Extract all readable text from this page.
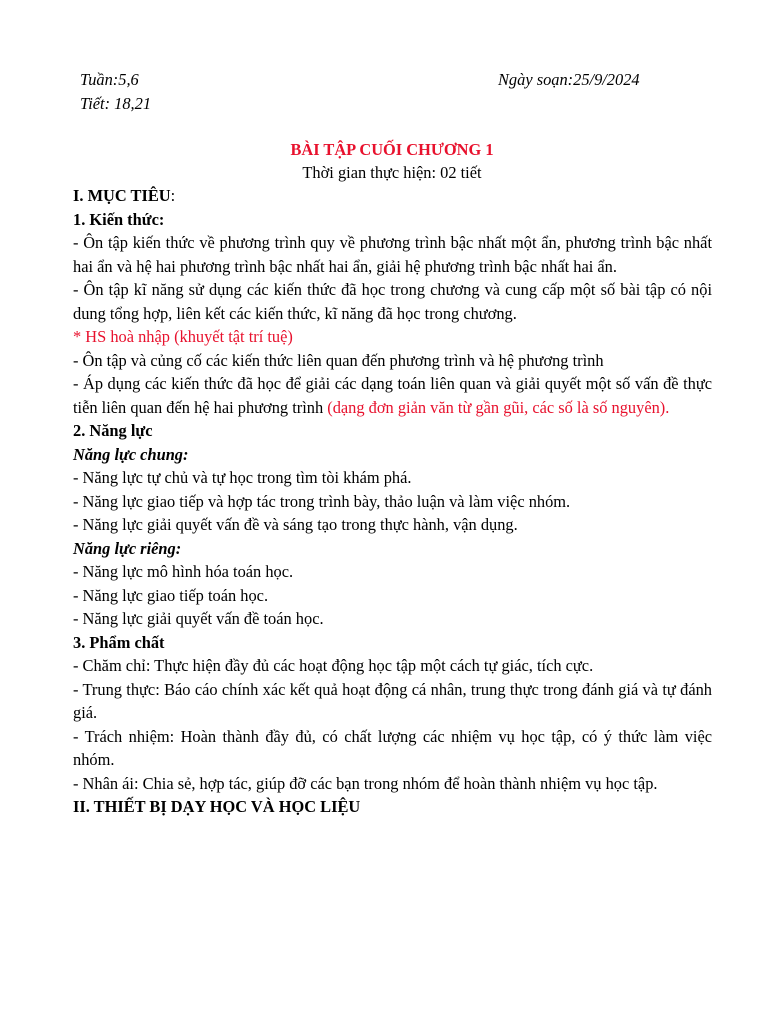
Tuần:5,6
Tiết: 18,21
Ngày soạn:25/9/2024
BÀI TẬP CUỐI CHƯƠNG 1
Thời gian thực hiện: 02 tiết

I. MỤC TIÊU:

1. Kiến thức:

- Ôn tập kiến thức về phương trình quy về phương trình bậc nhất một ẩn, phương trình bậc nhất hai ẩn và hệ hai phương trình bậc nhất hai ẩn, giải hệ phương trình bậc nhất hai ẩn.

- Ôn tập kĩ năng sử dụng các kiến thức đã học trong chương và cung cấp một số bài tập có nội dung tổng hợp, liên kết các kiến thức, kĩ năng đã học trong chương.

* HS hoà nhập (khuyết tật trí tuệ)

- Ôn tập và củng cố các kiến thức liên quan đến phương trình và hệ phương trình

- Áp dụng các kiến thức đã học để giải các dạng toán liên quan và giải quyết một số vấn đề thực tiễn liên quan đến hệ hai phương trình (dạng đơn giản văn từ gần gũi, các số là số nguyên).

2. Năng lực

Năng lực chung:

- Năng lực tự chủ và tự học trong tìm tòi khám phá.

- Năng lực giao tiếp và hợp tác trong trình bày, thảo luận và làm việc nhóm.

- Năng lực giải quyết vấn đề và sáng tạo trong thực hành, vận dụng.

Năng lực riêng:

- Năng lực mô hình hóa toán học.

- Năng lực giao tiếp toán học.

- Năng lực giải quyết vấn đề toán học.

3. Phẩm chất

- Chăm chỉ: Thực hiện đầy đủ các hoạt động học tập một cách tự giác, tích cực.

- Trung thực: Báo cáo chính xác kết quả hoạt động cá nhân, trung thực trong đánh giá và tự đánh giá.

- Trách nhiệm: Hoàn thành đầy đủ, có chất lượng các nhiệm vụ học tập, có ý thức làm việc nhóm.

- Nhân ái: Chia sẻ, hợp tác, giúp đỡ các bạn trong nhóm để hoàn thành nhiệm vụ học tập.

II. THIẾT BỊ DẠY HỌC VÀ HỌC LIỆU
